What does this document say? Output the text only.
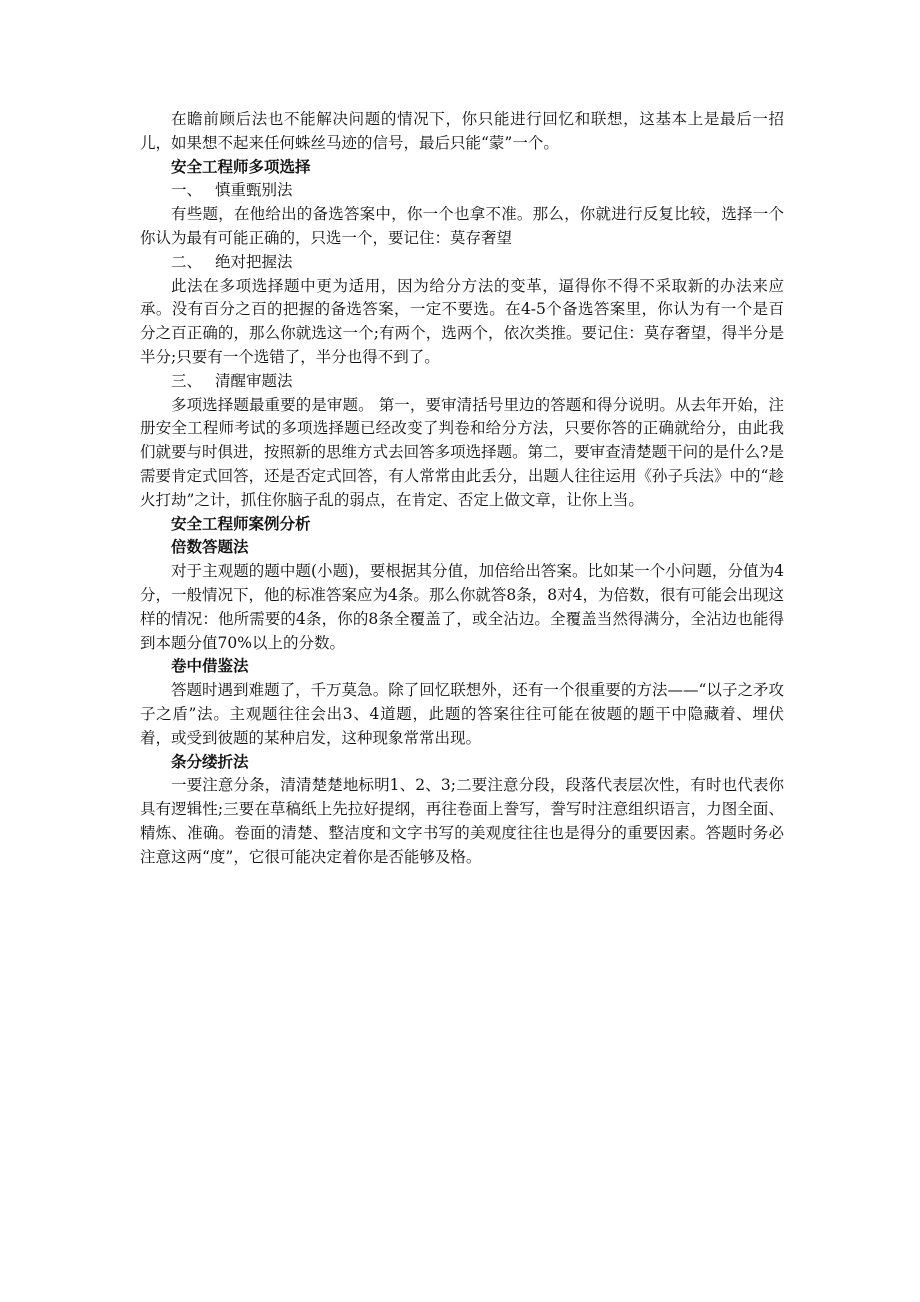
在瞻前顾后法也不能解决问题的情况下，你只能进行回忆和联想，这基本上是最后一招儿，如果想不起来任何蛛丝马迹的信号，最后只能“蒙”一个。

安全工程师多项选择

一、 慎重甄别法

有些题，在他给出的备选答案中，你一个也拿不准。那么，你就进行反复比较，选择一个你认为最有可能正确的，只选一个，要记住：莫存奢望

二、 绝对把握法

此法在多项选择题中更为适用，因为给分方法的变革，逼得你不得不采取新的办法来应承。没有百分之百的把握的备选答案，一定不要选。在4-5个备选答案里，你认为有一个是百分之百正确的，那么你就选这一个;有两个，选两个，依次类推。要记住：莫存奢望，得半分是半分;只要有一个选错了，半分也得不到了。

三、 清醒审题法

多项选择题最重要的是审题。 第一，要审清括号里边的答题和得分说明。从去年开始，注册安全工程师考试的多项选择题已经改变了判卷和给分方法，只要你答的正确就给分，由此我们就要与时俱进，按照新的思维方式去回答多项选择题。第二，要审查清楚题干问的是什么?是需要肯定式回答，还是否定式回答，有人常常由此丢分，出题人往往运用《孙子兵法》中的“趁火打劫”之计，抓住你脑子乱的弱点，在肯定、否定上做文章，让你上当。

安全工程师案例分析

倍数答题法

对于主观题的题中题(小题)，要根据其分值，加倍给出答案。比如某一个小问题，分值为4分，一般情况下，他的标准答案应为4条。那么你就答8条，8对4，为倍数，很有可能会出现这样的情况：他所需要的4条，你的8条全覆盖了，或全沾边。全覆盖当然得满分，全沾边也能得到本题分值70%以上的分数。

卷中借鉴法

答题时遇到难题了，千万莫急。除了回忆联想外，还有一个很重要的方法——“以子之矛攻子之盾”法。主观题往往会出3、4道题，此题的答案往往可能在彼题的题干中隐藏着、埋伏着，或受到彼题的某种启发，这种现象常常出现。

条分缕折法

一要注意分条，清清楚楚地标明1、2、3;二要注意分段，段落代表层次性，有时也代表你具有逻辑性;三要在草稿纸上先拉好提纲，再往卷面上誊写，誊写时注意组织语言，力图全面、精炼、准确。卷面的清楚、整洁度和文字书写的美观度往往也是得分的重要因素。答题时务必注意这两“度”，它很可能决定着你是否能够及格。
